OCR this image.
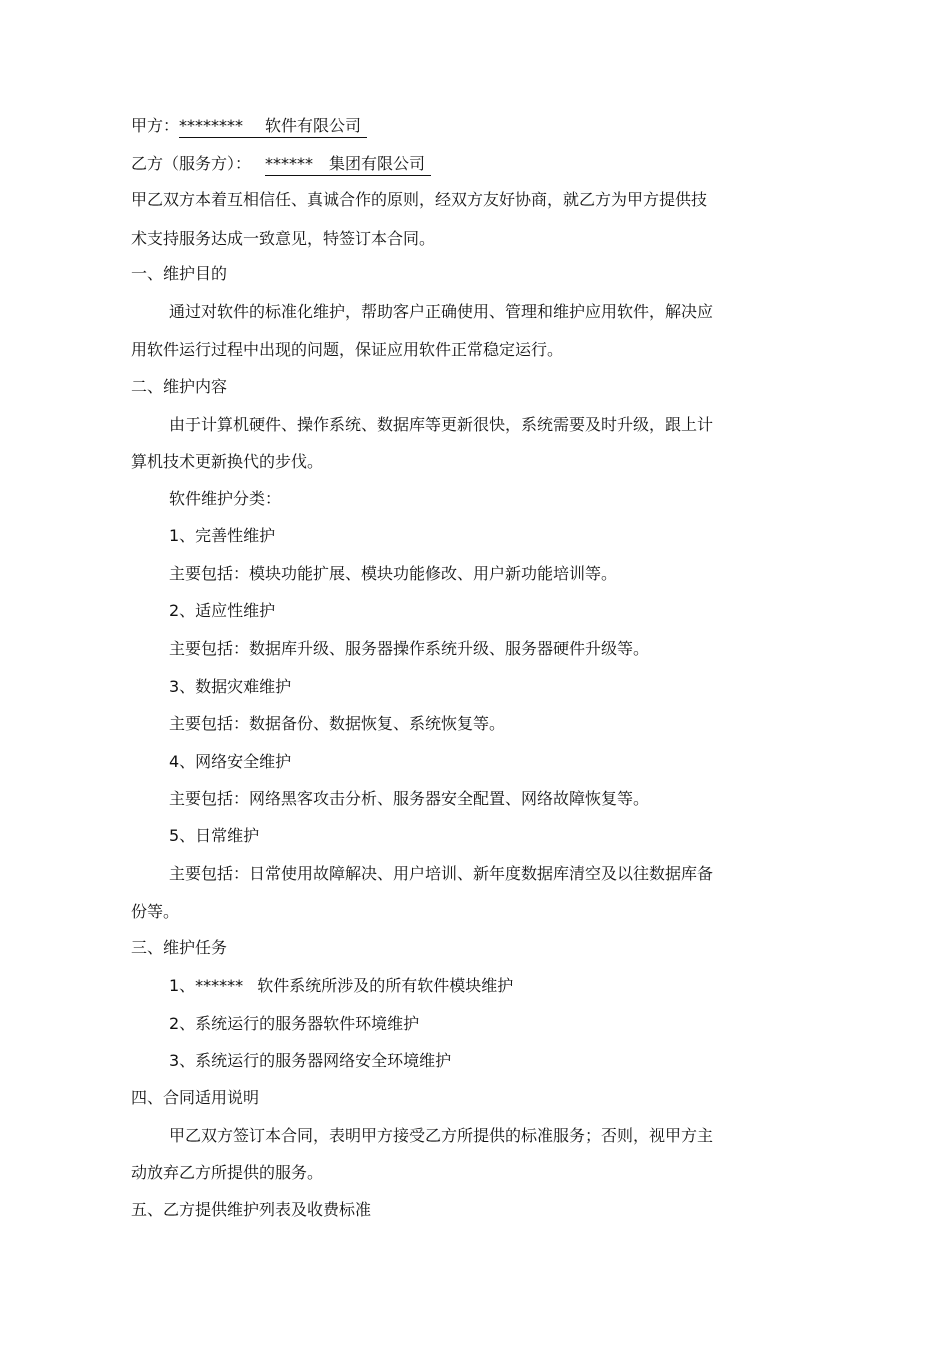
甲方：******** 软件有限公司
乙方（服务方）： ****** 集团有限公司
甲乙双方本着互相信任、真诚合作的原则，经双方友好协商，就乙方为甲方提供技
术支持服务达成一致意见，特签订本合同。
一、维护目的
通过对软件的标准化维护，帮助客户正确使用、管理和维护应用软件，解决应
用软件运行过程中出现的问题，保证应用软件正常稳定运行。
二、维护内容
由于计算机硬件、操作系统、数据库等更新很快，系统需要及时升级，跟上计
算机技术更新换代的步伐。
软件维护分类：
1、完善性维护
主要包括：模块功能扩展、模块功能修改、用户新功能培训等。
2、适应性维护
主要包括：数据库升级、服务器操作系统升级、服务器硬件升级等。
3、数据灾难维护
主要包括：数据备份、数据恢复、系统恢复等。
4、网络安全维护
主要包括：网络黑客攻击分析、服务器安全配置、网络故障恢复等。
5、日常维护
主要包括：日常使用故障解决、用户培训、新年度数据库清空及以往数据库备
份等。
三、维护任务
1、****** 软件系统所涉及的所有软件模块维护
2、系统运行的服务器软件环境维护
3、系统运行的服务器网络安全环境维护
四、合同适用说明
甲乙双方签订本合同，表明甲方接受乙方所提供的标准服务；否则，视甲方主
动放弃乙方所提供的服务。
五、乙方提供维护列表及收费标准
